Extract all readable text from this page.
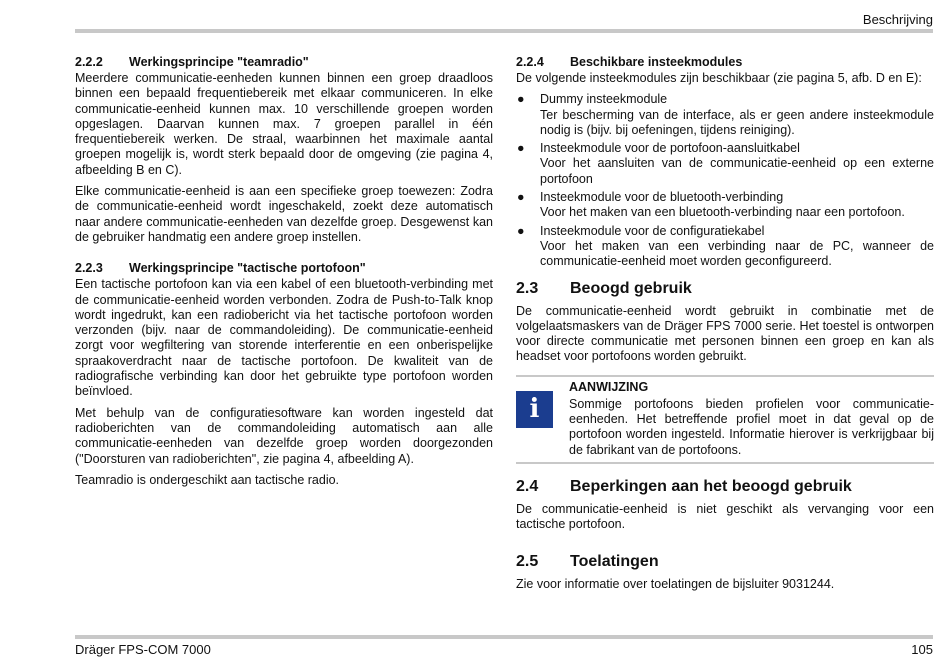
Beschrijving
2.2.2	Werkingsprincipe "teamradio"

Meerdere communicatie-eenheden kunnen binnen een groep draadloos binnen een bepaald frequentiebereik met elkaar communiceren. In elke communicatie-eenheid kunnen max. 10 verschillende groepen worden opgeslagen. Daarvan kunnen max. 7 groepen parallel in één frequentiebereik werken. De straal, waarbinnen het maximale aantal groepen mogelijk is, wordt sterk bepaald door de omgeving (zie pagina 4, afbeelding B en C).

Elke communicatie-eenheid is aan een specifieke groep toewezen: Zodra de communicatie-eenheid wordt ingeschakeld, zoekt deze automatisch naar andere communicatie-eenheden van dezelfde groep. Desgewenst kan de gebruiker handmatig een andere groep instellen.

2.2.3	Werkingsprincipe "tactische portofoon"

Een tactische portofoon kan via een kabel of een bluetooth-verbinding met de communicatie-eenheid worden verbonden. Zodra de Push-to-Talk knop wordt ingedrukt, kan een radiobericht via het tactische portofoon worden verzonden (bijv. naar de commandoleiding). De communicatie-eenheid zorgt voor wegfiltering van storende interferentie en een onberispelijke spraakoverdracht naar de tactische portofoon. De kwaliteit van de radiografische verbinding kan door het gebruikte type portofoon worden beïnvloed.

Met behulp van de configuratiesoftware kan worden ingesteld dat radioberichten van de commandoleiding automatisch aan alle communicatie-eenheden van dezelfde groep worden doorgezonden ("Doorsturen van radioberichten", zie pagina 4, afbeelding A).

Teamradio is ondergeschikt aan tactische radio.

2.2.4	Beschikbare insteekmodules

De volgende insteekmodules zijn beschikbaar (zie pagina 5, afb. D en E):

● Dummy insteekmodule
Ter bescherming van de interface, als er geen andere insteekmodule nodig is (bijv. bij oefeningen, tijdens reiniging).
● Insteekmodule voor de portofoon-aansluitkabel
Voor het aansluiten van de communicatie-eenheid op een externe portofoon
● Insteekmodule voor de bluetooth-verbinding
Voor het maken van een bluetooth-verbinding naar een portofoon.
● Insteekmodule voor de configuratiekabel
Voor het maken van een verbinding naar de PC, wanneer de communicatie-eenheid moet worden geconfigureerd.
2.3	Beoogd gebruik

De communicatie-eenheid wordt gebruikt in combinatie met de volgelaatsmaskers van de Dräger FPS 7000 serie. Het toestel is ontworpen voor directe communicatie met personen binnen een groep en kan als headset voor portofoons worden gebruikt.

i
AANWIJZING

Sommige portofoons bieden profielen voor communicatie-eenheden. Het betreffende profiel moet in dat geval op de portofoon worden ingesteld. Informatie hierover is verkrijgbaar bij de fabrikant van de portofoons.

2.4	Beperkingen aan het beoogd gebruik

De communicatie-eenheid is niet geschikt als vervanging voor een tactische portofoon.

2.5	Toelatingen

Zie voor informatie over toelatingen de bijsluiter 9031244.

Dräger FPS-COM 7000	105
